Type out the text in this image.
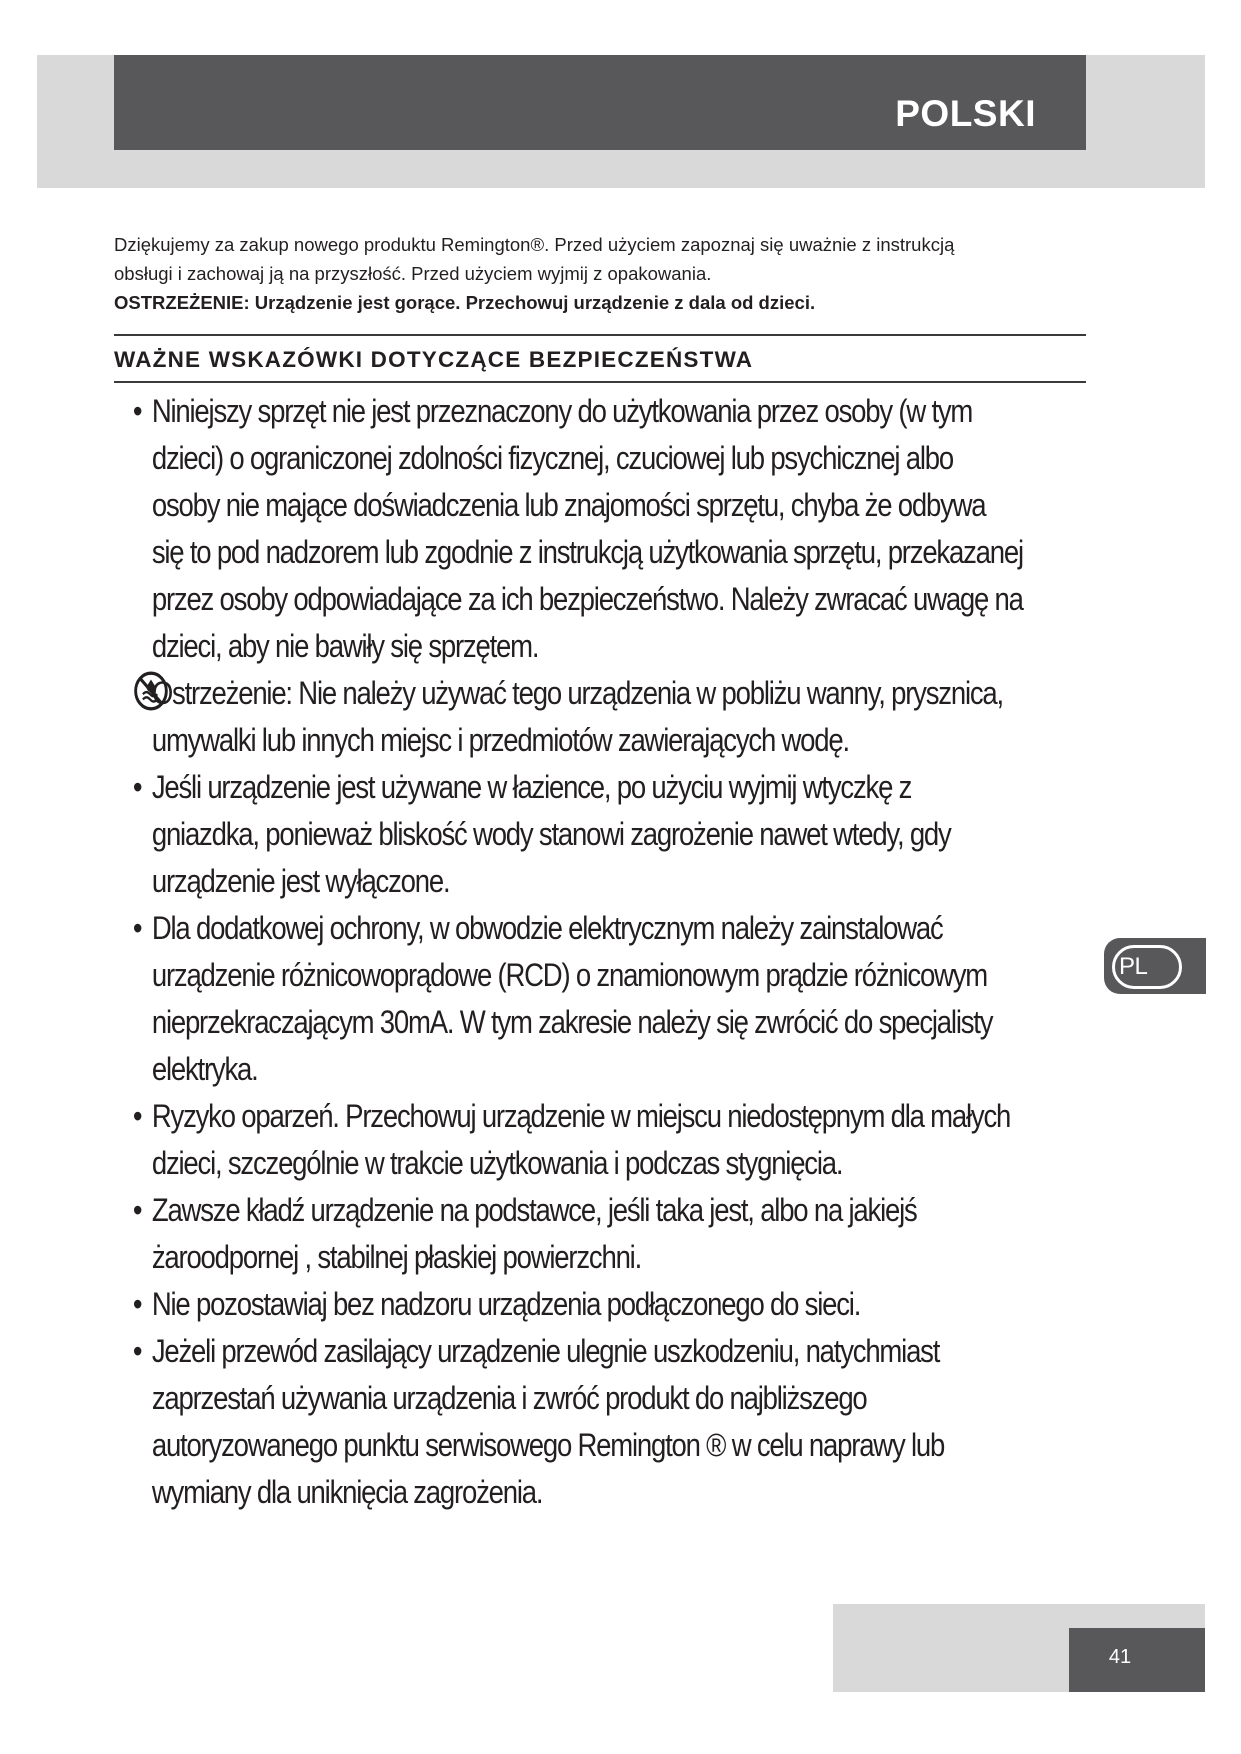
POLSKI

Dziękujemy za zakup nowego produktu Remington®. Przed użyciem zapoznaj się uważnie z instrukcją

obsługi i zachowaj ją na przyszłość. Przed użyciem wyjmij z opakowania.

OSTRZEŻENIE: Urządzenie jest gorące. Przechowuj urządzenie z dala od dzieci.

WAŻNE WSKAZÓWKI DOTYCZĄCE BEZPIECZEŃSTWA
• Niniejszy sprzęt nie jest przeznaczony do użytkowania przez osoby (w tym
dzieci) o ograniczonej zdolności fizycznej, czuciowej lub psychicznej albo
osoby nie mające doświadczenia lub znajomości sprzętu, chyba że odbywa
się to pod nadzorem lub zgodnie z instrukcją użytkowania sprzętu, przekazanej
przez osoby odpowiadające za ich bezpieczeństwo. Należy zwracać uwagę na
dzieci, aby nie bawiły się sprzętem.
Ostrzeżenie: Nie należy używać tego urządzenia w pobliżu wanny, prysznica,
umywalki lub innych miejsc i przedmiotów zawierających wodę.
• Jeśli urządzenie jest używane w łazience, po użyciu wyjmij wtyczkę z
gniazdka, ponieważ bliskość wody stanowi zagrożenie nawet wtedy, gdy
urządzenie jest wyłączone.
• Dla dodatkowej ochrony, w obwodzie elektrycznym należy zainstalować
urządzenie różnicowoprądowe (RCD) o znamionowym prądzie różnicowym
nieprzekraczającym 30mA. W tym zakresie należy się zwrócić do specjalisty
elektryka.
• Ryzyko oparzeń. Przechowuj urządzenie w miejscu niedostępnym dla małych
dzieci, szczególnie w trakcie użytkowania i podczas stygnięcia.
• Zawsze kładź urządzenie na podstawce, jeśli taka jest, albo na jakiejś
żaroodpornej , stabilnej płaskiej powierzchni.
• Nie pozostawiaj bez nadzoru urządzenia podłączonego do sieci.
• Jeżeli przewód zasilający urządzenie ulegnie uszkodzeniu, natychmiast
zaprzestań używania urządzenia i zwróć produkt do najbliższego
autoryzowanego punktu serwisowego Remington ® w celu naprawy lub
wymiany dla uniknięcia zagrożenia.
PL
41
